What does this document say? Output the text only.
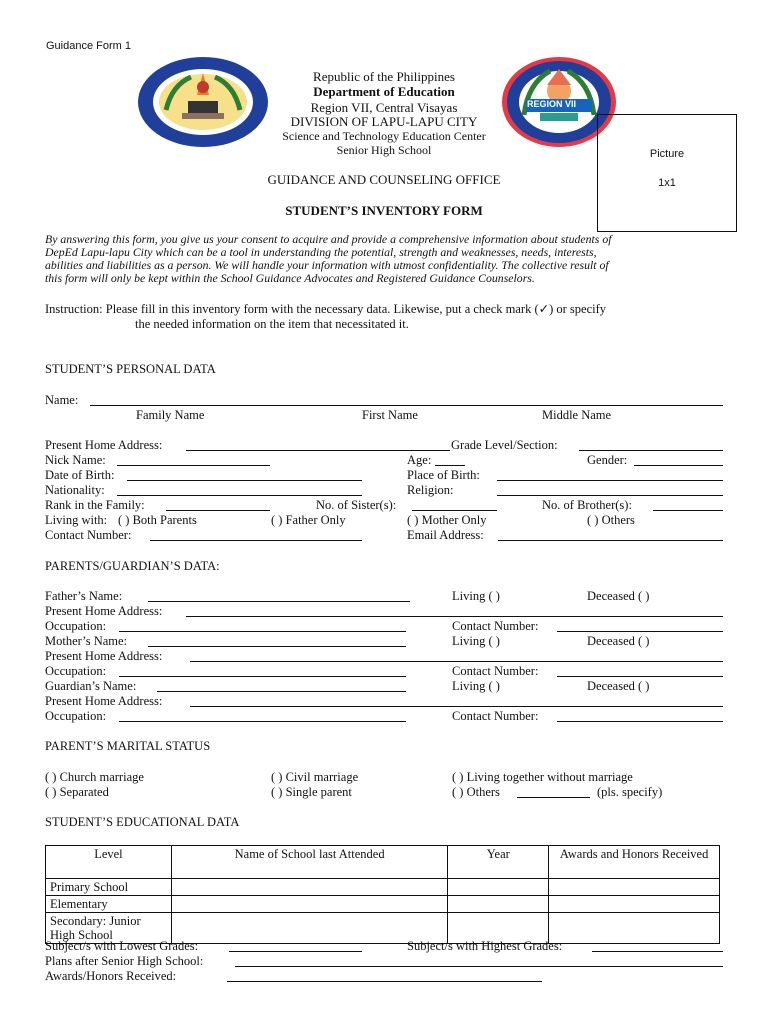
Guidance Form 1
REGION VII
Republic of the Philippines
Department of Education
Region VII, Central Visayas
DIVISION OF LAPU-LAPU CITY
Science and Technology Education Center
Senior High School
GUIDANCE AND COUNSELING OFFICE
STUDENT’S INVENTORY FORM
Picture
1x1
By answering this form, you give us your consent to acquire and provide a comprehensive information about students of
DepEd Lapu-lapu City which can be a tool in understanding the potential, strength and weaknesses, needs, interests,
abilities and liabilities as a person. We will handle your information with utmost confidentiality. The collective result of
this form will only be kept within the School Guidance Advocates and Registered Guidance Counselors.
Instruction: Please fill in this inventory form with the necessary data. Likewise, put a check mark (✓) or specify
the needed information on the item that necessitated it.
STUDENT’S PERSONAL DATA
Name:
Family Name	First Name	Middle Name
Present Home Address:	Grade Level/Section:
Nick Name:	Age:	Gender:
Date of Birth:	Place of Birth:
Nationality:	Religion:
Rank in the Family:	No. of Sister(s):	No. of Brother(s):
Living with: ( ) Both Parents	( ) Father Only	( ) Mother Only	( ) Others
Contact Number:	Email Address:
PARENTS/GUARDIAN’S DATA:
Father’s Name:	Living ( )	Deceased ( )
Present Home Address:
Occupation:	Contact Number:
Mother’s Name:	Living ( )	Deceased ( )
Present Home Address:
Occupation:	Contact Number:
Guardian’s Name:	Living ( )	Deceased ( )
Present Home Address:
Occupation:	Contact Number:
PARENT’S MARITAL STATUS
( ) Church marriage	( ) Civil marriage	( ) Living together without marriage
( ) Separated	( ) Single parent	( ) Others	(pls. specify)
STUDENT’S EDUCATIONAL DATA
Level	Name of School last Attended	Year	Awards and Honors Received
Primary School			
Elementary			
Secondary: Junior High School			
Subject/s with Lowest Grades:	Subject/s with Highest Grades:
Plans after Senior High School:
Awards/Honors Received:
